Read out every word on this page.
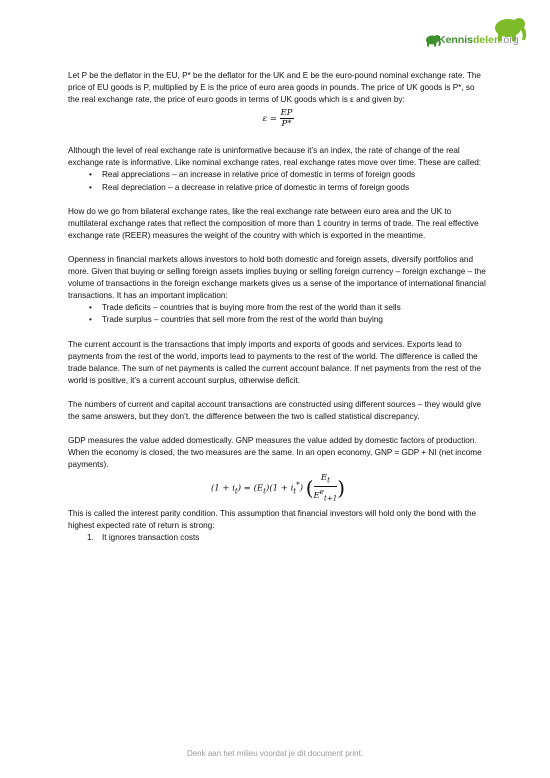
Kennisdelen.org

Let P be the deflator in the EU, P* be the deflator for the UK and E be the euro-pound nominal exchange rate. The price of EU goods is P, multiplied by E is the price of euro area goods in pounds. The price of UK goods is P*, so the real exchange rate, the price of euro goods in terms of UK goods which is ε and given by:

$\varepsilon = \frac{EP}{P*}$

Although the level of real exchange rate is uninformative because it’s an index, the rate of change of the real exchange rate is informative. Like nominal exchange rates, real exchange rates move over time. These are called:

• Real appreciations – an increase in relative price of domestic in terms of foreign goods
• Real depreciation – a decrease in relative price of domestic in terms of foreign goods

How do we go from bilateral exchange rates, like the real exchange rate between euro area and the UK to multilateral exchange rates that reflect the composition of more than 1 country in terms of trade. The real effective exchange rate (REER) measures the weight of the country with which is exported in the meantime.

Openness in financial markets allows investors to hold both domestic and foreign assets, diversify portfolios and more. Given that buying or selling foreign assets implies buying or selling foreign currency – foreign exchange – the volume of transactions in the foreign exchange markets gives us a sense of the importance of international financial transactions. It has an important implication:

• Trade deficits – countries that is buying more from the rest of the world than it sells
• Trade surplus – countries that sell more from the rest of the world than buying

The current account is the transactions that imply imports and exports of goods and services. Exports lead to payments from the rest of the world, imports lead to payments to the rest of the world. The difference is called the trade balance. The sum of net payments is called the current account balance. If net payments from the rest of the world is positive, it’s a current account surplus, otherwise deficit.

The numbers of current and capital account transactions are constructed using different sources – they would give the same answers, but they don’t. the difference between the two is called statistical discrepancy.

GDP measures the value added domestically. GNP measures the value added by domestic factors of production. When the economy is closed, the two measures are the same. In an open economy, GNP = GDP + NI (net income payments).

$(1 + i_t) = (E_t)(1 + i_t^*)$ ( $\frac{E_t}{E^e_{t+1}}$ )

This is called the interest parity condition. This assumption that financial investors will hold only the bond with the highest expected rate of return is strong:

1. It ignores transaction costs
Denk aan het milieu voordat je dit document print.
